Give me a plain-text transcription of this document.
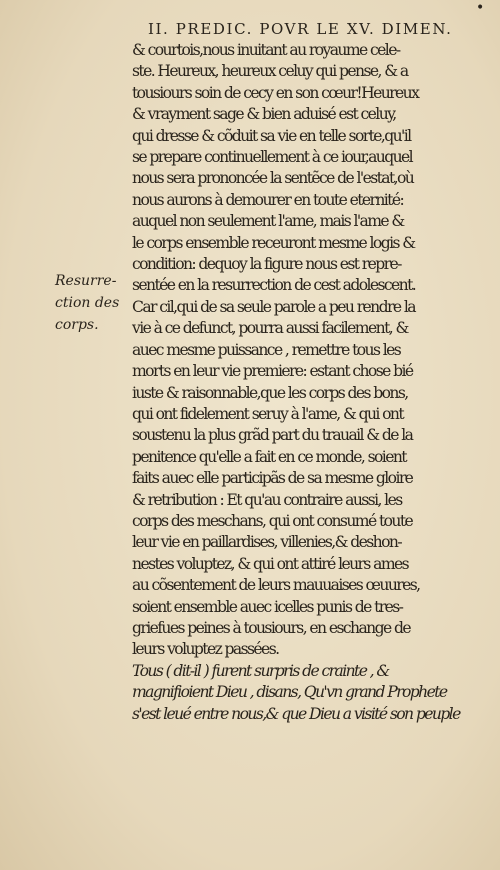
•
II. PREDIC. POVR LE XV. DIMEN.
Resurre-
ction des
corps.
& courtois,nous inuitant au royaume cele-
ste. Heureux, heureux celuy qui pense, & a
tousiours soin de cecy en son cœur!Heureux
& vrayment sage & bien aduisé est celuy,
qui dresse & cõduit sa vie en telle sorte,qu'il
se prepare continuellement à ce iour,auquel
nous sera prononcée la sentẽce de l'estat,où
nous aurons à demourer en toute eternité:
auquel non seulement l'ame, mais l'ame &
le corps ensemble receuront mesme logis &
condition: dequoy la figure nous est repre-
sentée en la resurrection de cest adolescent.
Car cil,qui de sa seule parole a peu rendre la
vie à ce defunct, pourra aussi facilement, &
auec mesme puissance , remettre tous les
morts en leur vie premiere: estant chose bié
iuste & raisonnable,que les corps des bons,
qui ont fidelement seruy à l'ame, & qui ont
soustenu la plus grãd part du trauail & de la
penitence qu'elle a fait en ce monde, soient
faits auec elle participãs de sa mesme gloire
& retribution : Et qu'au contraire aussi, les
corps des meschans, qui ont consumé toute
leur vie en paillardises, villenies,& deshon-
nestes voluptez, & qui ont attiré leurs ames
au cõsentement de leurs mauuaises œuures,
soient ensemble auec icelles punis de tres-
griefues peines à tousiours, en eschange de
leurs voluptez passées.
Tous ( dit-il ) furent surpris de crainte , &
magnifioient Dieu , disans, Qu'vn grand Prophete
s'est leué entre nous,& que Dieu a visité son peuple
